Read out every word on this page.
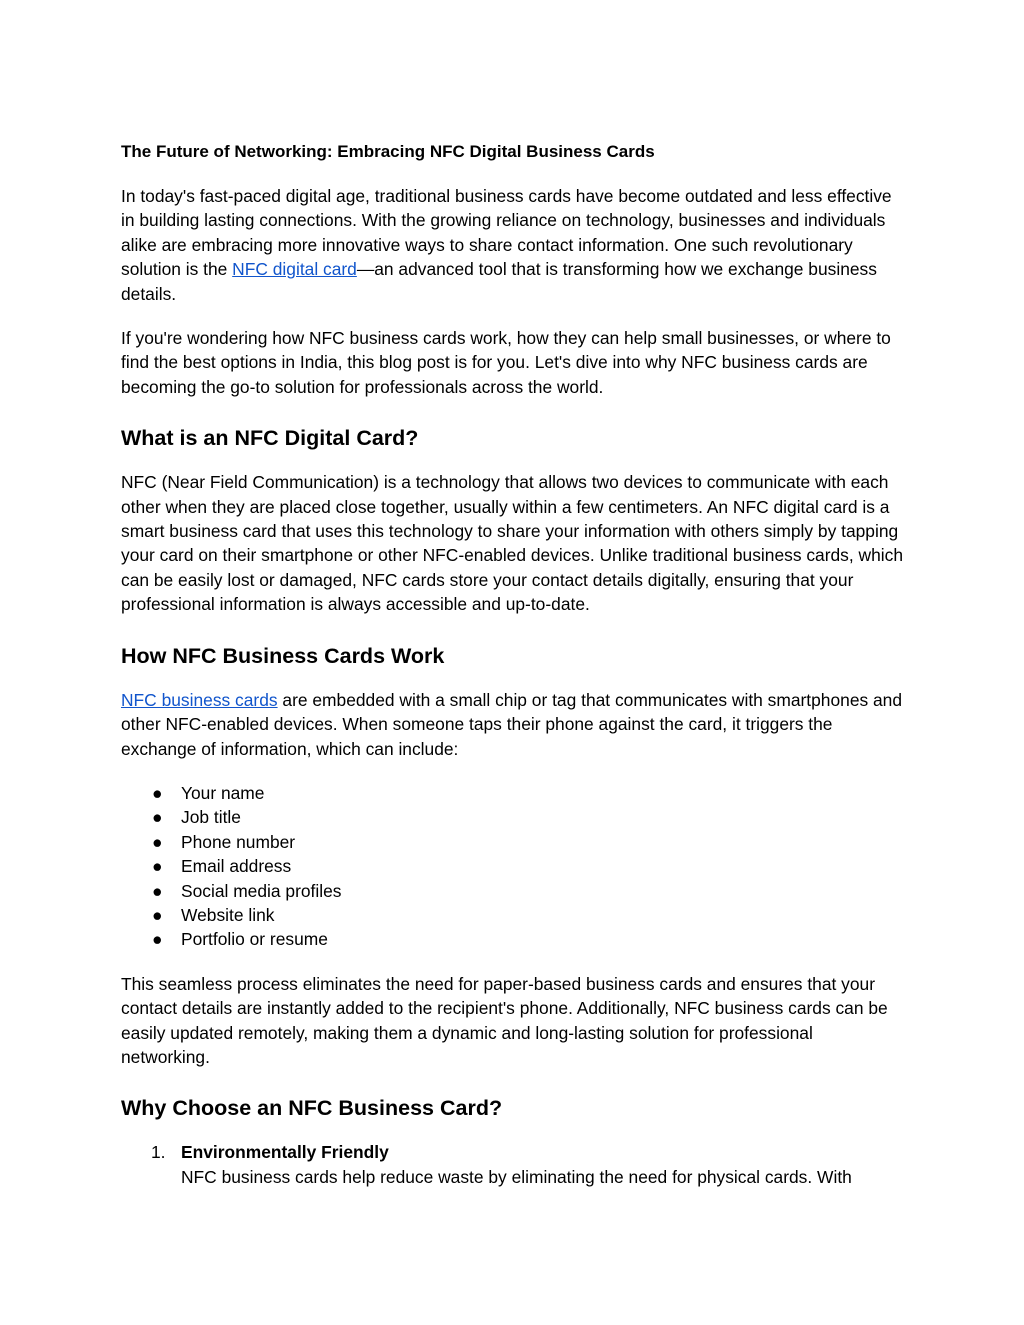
The Future of Networking: Embracing NFC Digital Business Cards

In today's fast-paced digital age, traditional business cards have become outdated and less effective in building lasting connections. With the growing reliance on technology, businesses and individuals alike are embracing more innovative ways to share contact information. One such revolutionary solution is the NFC digital card—an advanced tool that is transforming how we exchange business details.

If you're wondering how NFC business cards work, how they can help small businesses, or where to find the best options in India, this blog post is for you. Let's dive into why NFC business cards are becoming the go-to solution for professionals across the world.

What is an NFC Digital Card?

NFC (Near Field Communication) is a technology that allows two devices to communicate with each other when they are placed close together, usually within a few centimeters. An NFC digital card is a smart business card that uses this technology to share your information with others simply by tapping your card on their smartphone or other NFC-enabled devices. Unlike traditional business cards, which can be easily lost or damaged, NFC cards store your contact details digitally, ensuring that your professional information is always accessible and up-to-date.

How NFC Business Cards Work

NFC business cards are embedded with a small chip or tag that communicates with smartphones and other NFC-enabled devices. When someone taps their phone against the card, it triggers the exchange of information, which can include:

● Your name
● Job title
● Phone number
● Email address
● Social media profiles
● Website link
● Portfolio or resume

This seamless process eliminates the need for paper-based business cards and ensures that your contact details are instantly added to the recipient's phone. Additionally, NFC business cards can be easily updated remotely, making them a dynamic and long-lasting solution for professional networking.

Why Choose an NFC Business Card?
1. Environmentally Friendly
NFC business cards help reduce waste by eliminating the need for physical cards. With
